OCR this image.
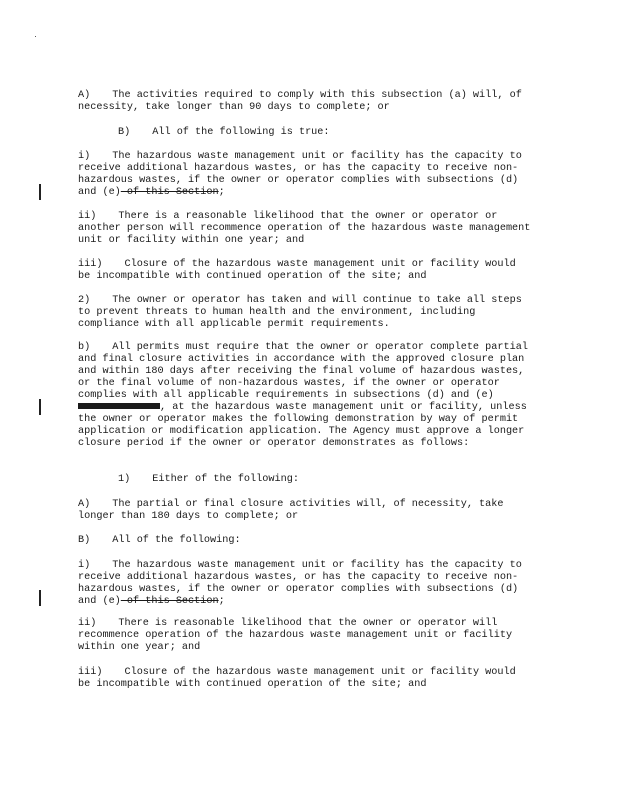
A) The activities required to comply with this subsection (a) will, of necessity, take longer than 90 days to complete; or

B) All of the following is true:

i) The hazardous waste management unit or facility has the capacity to receive additional hazardous wastes, or has the capacity to receive non-hazardous wastes, if the owner or operator complies with subsections (d) and (e) of this Section;

ii) There is a reasonable likelihood that the owner or operator or another person will recommence operation of the hazardous waste management unit or facility within one year; and

iii) Closure of the hazardous waste management unit or facility would be incompatible with continued operation of the site; and

2) The owner or operator has taken and will continue to take all steps to prevent threats to human health and the environment, including compliance with all applicable permit requirements.

b) All permits must require that the owner or operator complete partial and final closure activities in accordance with the approved closure plan and within 180 days after receiving the final volume of hazardous wastes, or the final volume of non-hazardous wastes, if the owner or operator complies with all applicable requirements in subsections (d) and (e) , at the hazardous waste management unit or facility, unless the owner or operator makes the following demonstration by way of permit application or modification application. The Agency must approve a longer closure period if the owner or operator demonstrates as follows:

1) Either of the following:

A) The partial or final closure activities will, of necessity, take longer than 180 days to complete; or

B) All of the following:

i) The hazardous waste management unit or facility has the capacity to receive additional hazardous wastes, or has the capacity to receive non-hazardous wastes, if the owner or operator complies with subsections (d) and (e) of this Section;

ii) There is reasonable likelihood that the owner or operator will recommence operation of the hazardous waste management unit or facility within one year; and

iii) Closure of the hazardous waste management unit or facility would be incompatible with continued operation of the site; and
